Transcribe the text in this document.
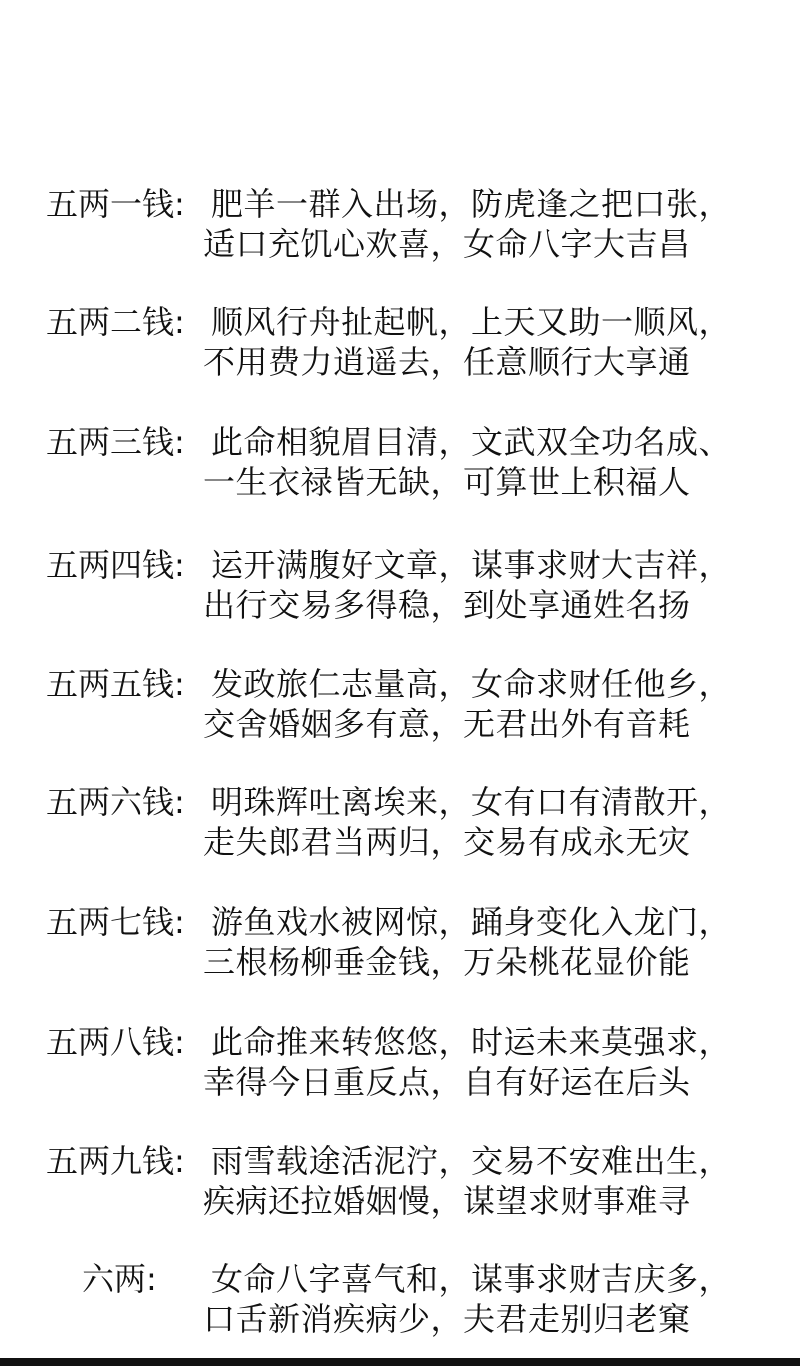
五两一钱: 肥羊一群入出场，防虎逢之把口张，
适口充饥心欢喜，女命八字大吉昌
五两二钱: 顺风行舟扯起帆，上天又助一顺风，
不用费力逍遥去，任意顺行大享通
五两三钱: 此命相貌眉目清，文武双全功名成、
一生衣禄皆无缺，可算世上积福人
五两四钱: 运开满腹好文章，谋事求财大吉祥，
出行交易多得稳，到处享通姓名扬
五两五钱: 发政旅仁志量高，女命求财任他乡，
交舍婚姻多有意，无君出外有音耗
五两六钱: 明珠辉吐离埃来，女有口有清散开，
走失郎君当两归，交易有成永无灾
五两七钱: 游鱼戏水被网惊，踊身变化入龙门，
三根杨柳垂金钱，万朵桃花显价能
五两八钱: 此命推来转悠悠，时运未来莫强求，
幸得今日重反点，自有好运在后头
五两九钱: 雨雪载途活泥泞，交易不安难出生，
疾病还拉婚姻慢，谋望求财事难寻
六两: 女命八字喜气和，谋事求财吉庆多，
口舌新消疾病少，夫君走别归老窠
